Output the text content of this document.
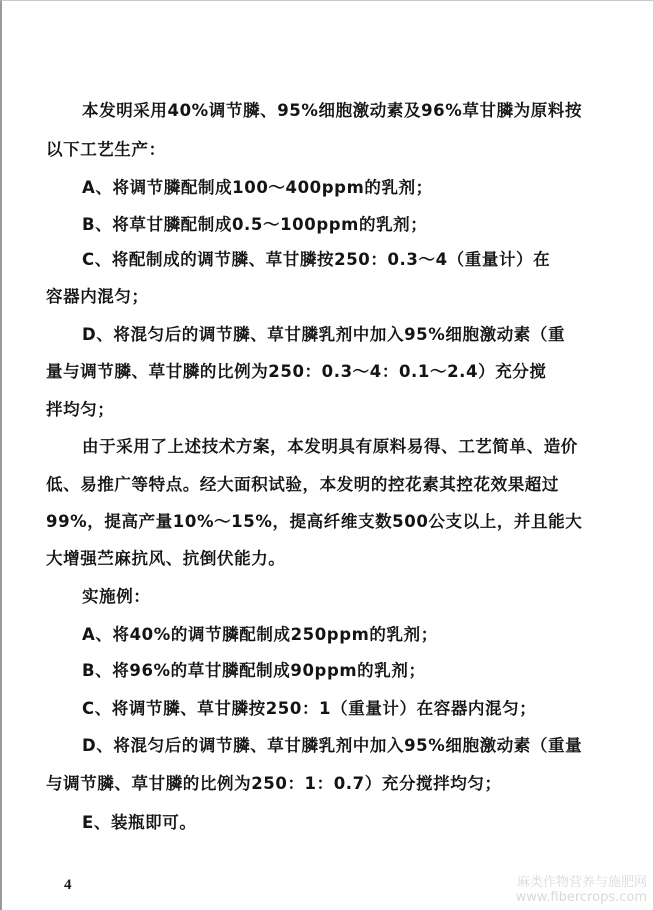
本发明采用40%调节膦、95%细胞激动素及96%草甘膦为原料按
以下工艺生产：
A、将调节膦配制成100～400ppm的乳剂；
B、将草甘膦配制成0.5～100ppm的乳剂；
C、将配制成的调节膦、草甘膦按250：0.3～4（重量计）在
容器内混匀；
D、将混匀后的调节膦、草甘膦乳剂中加入95%细胞激动素（重
量与调节膦、草甘膦的比例为250：0.3～4：0.1～2.4）充分搅
拌均匀；
由于采用了上述技术方案，本发明具有原料易得、工艺简单、造价
低、易推广等特点。经大面积试验，本发明的控花素其控花效果超过
99%，提高产量10%～15%，提高纤维支数500公支以上，并且能大
大增强苎麻抗风、抗倒伏能力。
实施例：
A、将40%的调节膦配制成250ppm的乳剂；
B、将96%的草甘膦配制成90ppm的乳剂；
C、将调节膦、草甘膦按250：1（重量计）在容器内混匀；
D、将混匀后的调节膦、草甘膦乳剂中加入95%细胞激动素（重量
与调节膦、草甘膦的比例为250：1：0.7）充分搅拌均匀；
E、装瓶即可。
4	麻类作物营养与施肥网
www.fibercrops.com
